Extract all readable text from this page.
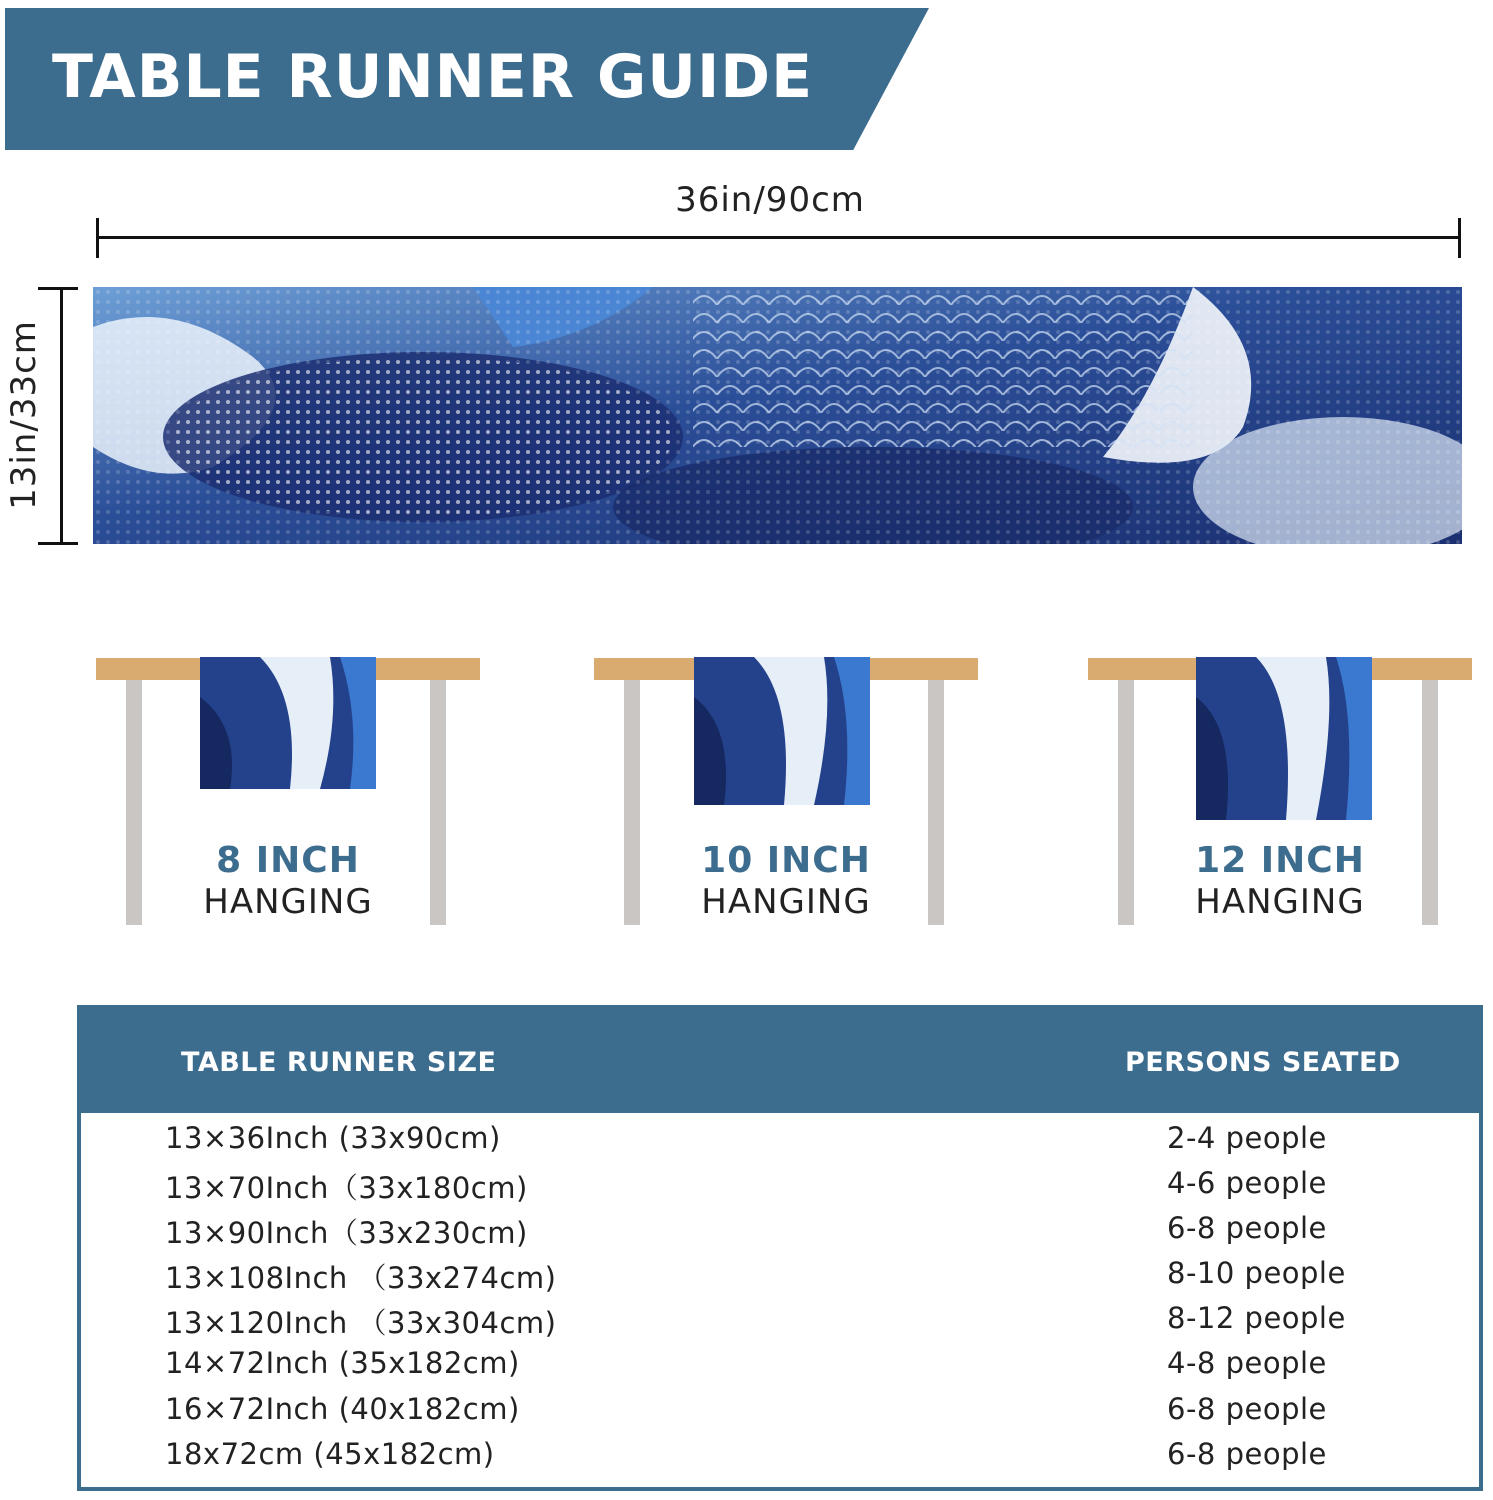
TABLE RUNNER GUIDE
36in/90cm
13in/33cm
8 INCH
HANGING
10 INCH
HANGING
12 INCH
HANGING
TABLE RUNNER SIZE	PERSONS SEATED
13×36Inch (33x90cm)	2-4 people
13×70Inch（33x180cm)	4-6 people
13×90Inch（33x230cm)	6-8 people
13×108Inch （33x274cm)	8-10 people
13×120Inch （33x304cm)	8-12 people
14×72Inch (35x182cm)	4-8 people
16×72Inch (40x182cm)	6-8 people
18x72cm (45x182cm)	6-8 people
